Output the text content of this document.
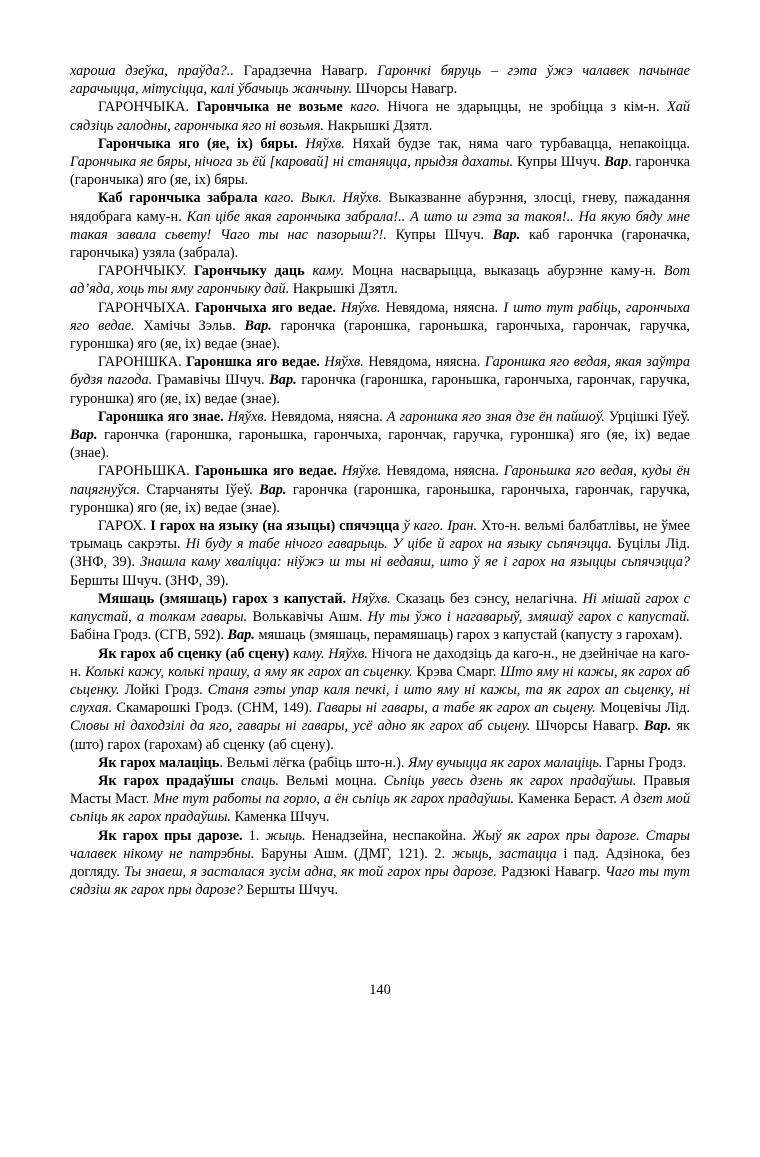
хароша дзеўка, праўда?.. Гарадзечна Навагр. Гарончкі бяруць – гэта ўжэ чалавек пачынае гарачыцца, мітусіцца, калі ўбачыць жанчыну. Шчорсы Навагр.

ГАРОНЧЫКА. Гарончыка не возьме каго. Нічога не здарыццы, не зробіцца з кім-н. Хай сядзіць галодны, гарончыка яго ні возьмя. Накрышкі Дзятл.

Гарончыка яго (яе, іх) бяры. Няўхв. Няхай будзе так, няма чаго турбавацца, непакоіцца. Гарончыка яе бяры, нічога зь ёй [каровай] ні станяцца, прыдзя дахаты. Купры Шчуч. Вар. гарончка (гарончыка) яго (яе, іх) бяры.

Каб гарончыка забрала каго. Выкл. Няўхв. Выказванне абурэння, злосці, гневу, пажадання нядобрага каму-н. Кап цібе якая гарончыка забрала!.. А што ш гэта за такоя!.. На якую бяду мне такая завала сьвету! Чаго ты нас пазорыш?!. Купры Шчуч. Вар. каб гарончка (гароначка, гарончыка) узяла (забрала).

ГАРОНЧЫКУ. Гарончыку даць каму. Моцна насварыцца, выказаць абурэнне каму-н. Вот ад’яда, хоць ты яму гарончыку дай. Накрышкі Дзятл.

ГАРОНЧЫХА. Гарончыха яго ведае. Няўхв. Невядома, няясна. І што тут рабіць, гарончыха яго ведае. Хамічы Зэльв. Вар. гарончка (гароншка, гароньшка, гарончыха, гарончак, гаручка, гуроншка) яго (яе, іх) ведае (знае).

ГАРОНШКА. Гароншка яго ведае. Няўхв. Невядома, няясна. Гароншка яго ведая, якая заўтра будзя пагода. Грамавічы Шчуч. Вар. гарончка (гароншка, гароньшка, гарончыха, гарончак, гаручка, гуроншка) яго (яе, іх) ведае (знае).

Гароншка яго знае. Няўхв. Невядома, няясна. А гароншка яго зная дзе ён пайшоў. Урцішкі Іўеў. Вар. гарончка (гароншка, гароньшка, гарончыха, гарончак, гаручка, гуроншка) яго (яе, іх) ведае (знае).

ГАРОНЬШКА. Гароньшка яго ведае. Няўхв. Невядома, няясна. Гароньшка яго ведая, куды ён пацягнуўся. Старчаняты Іўеў. Вар. гарончка (гароншка, гароньшка, гарончыха, гарончак, гаручка, гуроншка) яго (яе, іх) ведае (знае).

ГАРОХ. І гарох на языку (на языцы) спячэцца ў каго. Іран. Хто-н. вельмі балбатлівы, не ўмее трымаць сакрэты. Ні буду я табе нічого гаварыць. У цібе й гарох на языку сьпячэцца. Буцілы Лід. (ЗНФ, 39). Знашла каму хваліцца: ніўжэ ш ты ні ведаяш, што ў яе і гарох на языццы сьпячэцца? Бершты Шчуч. (ЗНФ, 39).

Мяшаць (змяшаць) гарох з капустай. Няўхв. Сказаць без сэнсу, нелагічна. Ні мішай гарох с капустай, а толкам гавары. Волькавічы Ашм. Ну ты ўжо і нагаварыў, змяшаў гарох с капустай. Бабіна Гродз. (СГВ, 592). Вар. мяшаць (змяшаць, перамяшаць) гарох з капустай (капусту з гарохам).

Як гарох аб сценку (аб сцену) каму. Няўхв. Нічога не даходзіць да каго-н., не дзейнічае на каго-н. Колькі кажу, колькі прашу, а яму як гарох ап сьценку. Крэва Смарг. Што яму ні кажы, як гарох аб сьценку. Лойкі Гродз. Станя гэты упар каля печкі, і што яму ні кажы, та як гарох ап сьценку, ні слухая. Скамарошкі Гродз. (СНМ, 149). Гавары ні гавары, а табе як гарох ап сьцену. Моцевічы Лід. Словы ні даходзілі да яго, гавары ні гавары, усё адно як гарох аб сьцену. Шчорсы Навагр. Вар. як (што) гарох (гарохам) аб сценку (аб сцену).

Як гарох малаціць. Вельмі лёгка (рабіць што-н.). Яму вучыцца як гарох малаціць. Гарны Гродз.

Як гарох прадаўшы спаць. Вельмі моцна. Сьпіць увесь дзень як гарох прадаўшы. Правыя Масты Маст. Мне тут работы па горло, а ён сьпіць як гарох прадаўшы. Каменка Бераст. А дзет мой сьпіць як гарох прадаўшы. Каменка Шчуч.

Як гарох пры дарозе. 1. жыць. Ненадзейна, неспакойна. Жыў як гарох пры дарозе. Стары чалавек нікому не патрэбны. Баруны Ашм. (ДМГ, 121). 2. жыць, застацца і пад. Адзінока, без догляду. Ты знаеш, я засталася зусім адна, як той гарох пры дарозе. Радзюкі Навагр. Чаго ты тут сядзіш як гарох пры дарозе? Бершты Шчуч.

140
